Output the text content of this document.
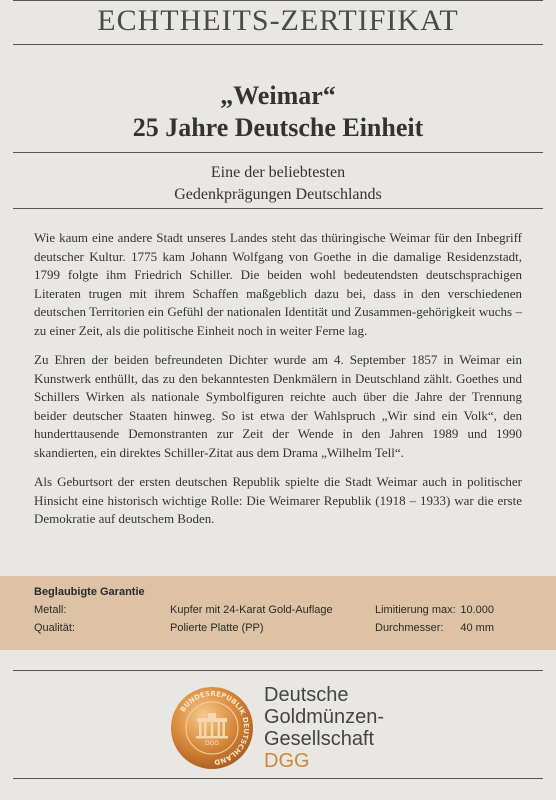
ECHTHEITS-ZERTIFIKAT
„Weimar“
25 Jahre Deutsche Einheit
Eine der beliebtesten
Gedenkprägungen Deutschlands

Wie kaum eine andere Stadt unseres Landes steht das thüringische Weimar für den Inbegriff deutscher Kultur. 1775 kam Johann Wolfgang von Goethe in die damalige Residenzstadt, 1799 folgte ihm Friedrich Schiller. Die beiden wohl bedeutendsten deutschsprachigen Literaten trugen mit ihrem Schaffen maßgeblich dazu bei, dass in den verschiedenen deutschen Territorien ein Gefühl der nationalen Identität und Zusammen-gehörigkeit wuchs – zu einer Zeit, als die politische Einheit noch in weiter Ferne lag.

Zu Ehren der beiden befreundeten Dichter wurde am 4. September 1857 in Weimar ein Kunstwerk enthüllt, das zu den bekanntesten Denkmälern in Deutschland zählt. Goethes und Schillers Wirken als nationale Symbolfiguren reichte auch über die Jahre der Trennung beider deutscher Staaten hinweg. So ist etwa der Wahlspruch „Wir sind ein Volk“, den hunderttausende Demonstranten zur Zeit der Wende in den Jahren 1989 und 1990 skandierten, ein direktes Schiller-Zitat aus dem Drama „Wilhelm Tell“.

Als Geburtsort der ersten deutschen Republik spielte die Stadt Weimar auch in politischer Hinsicht eine historisch wichtige Rolle: Die Weimarer Republik (1918 – 1933) war die erste Demokratie auf deutschem Boden.

Beglaubigte Garantie
Metall:	Kupfer mit 24-Karat Gold-Auflage	Limitierung max: 10.000
Qualität:	Polierte Platte (PP)	Durchmesser: 40 mm
BUNDESREPUBLIK DEUTSCHLAND
DGG
Deutsche
Goldmünzen-
Gesellschaft
DGG
